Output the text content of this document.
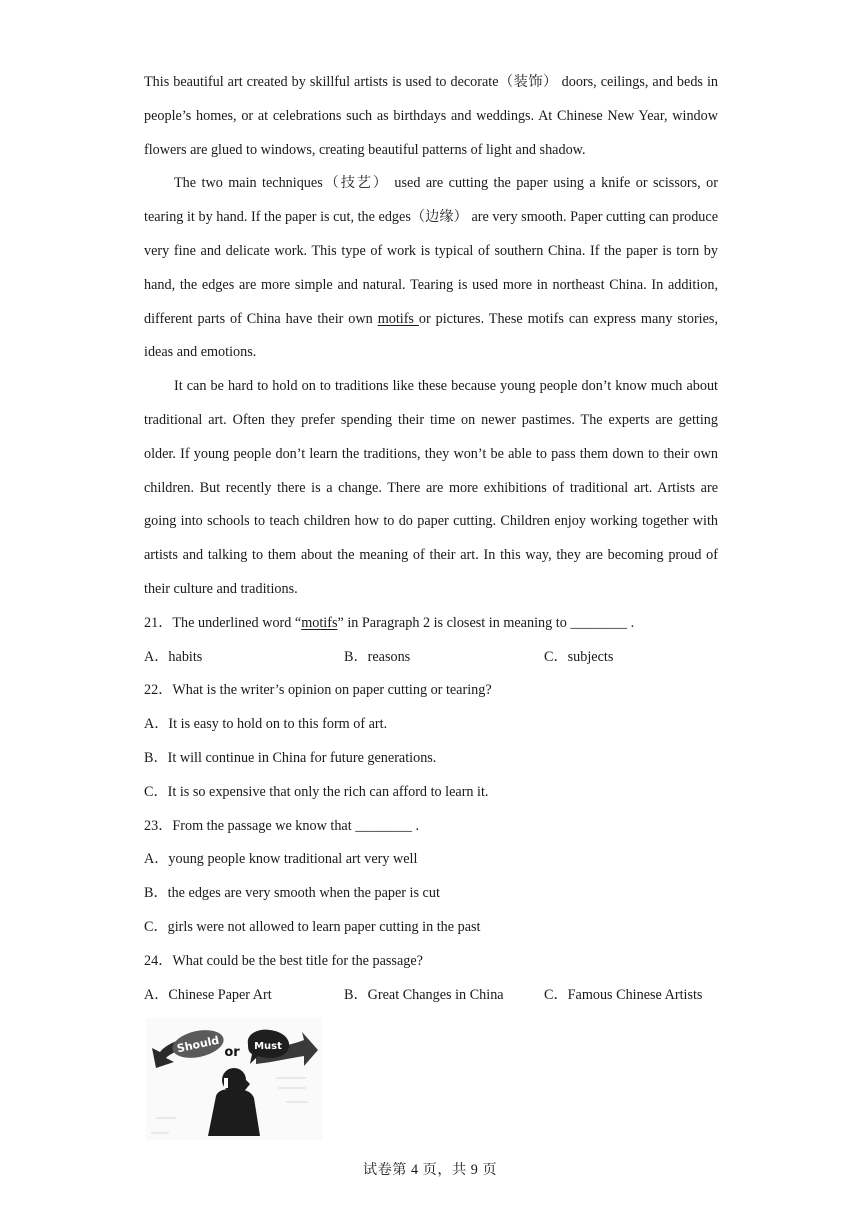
This beautiful art created by skillful artists is used to decorate（装饰） doors, ceilings, and beds in people’s homes, or at celebrations such as birthdays and weddings. At Chinese New Year, window flowers are glued to windows, creating beautiful patterns of light and shadow.

The two main techniques（技艺） used are cutting the paper using a knife or scissors, or tearing it by hand. If the paper is cut, the edges（边缘） are very smooth. Paper cutting can produce very fine and delicate work. This type of work is typical of southern China. If the paper is torn by hand, the edges are more simple and natural. Tearing is used more in northeast China. In addition, different parts of China have their own motifs or pictures. These motifs can express many stories, ideas and emotions.

It can be hard to hold on to traditions like these because young people don’t know much about traditional art. Often they prefer spending their time on newer pastimes. The experts are getting older. If young people don’t learn the traditions, they won’t be able to pass them down to their own children. But recently there is a change. There are more exhibitions of traditional art. Artists are going into schools to teach children how to do paper cutting. Children enjoy working together with artists and talking to them about the meaning of their art. In this way, they are becoming proud of their culture and traditions.

21．The underlined word “motifs” in Paragraph 2 is closest in meaning to ________ .

A．habits	B．reasons	C．subjects

22．What is the writer’s opinion on paper cutting or tearing?

A．It is easy to hold on to this form of art.

B．It will continue in China for future generations.

C．It is so expensive that only the rich can afford to learn it.

23．From the passage we know that ________ .

A．young people know traditional art very well

B．the edges are very smooth when the paper is cut

C．girls were not allowed to learn paper cutting in the past

24．What could be the best title for the passage?

A．Chinese Paper Art	B．Great Changes in China	C．Famous Chinese Artists
Should	Must
or
试卷第 4 页，共 9 页
